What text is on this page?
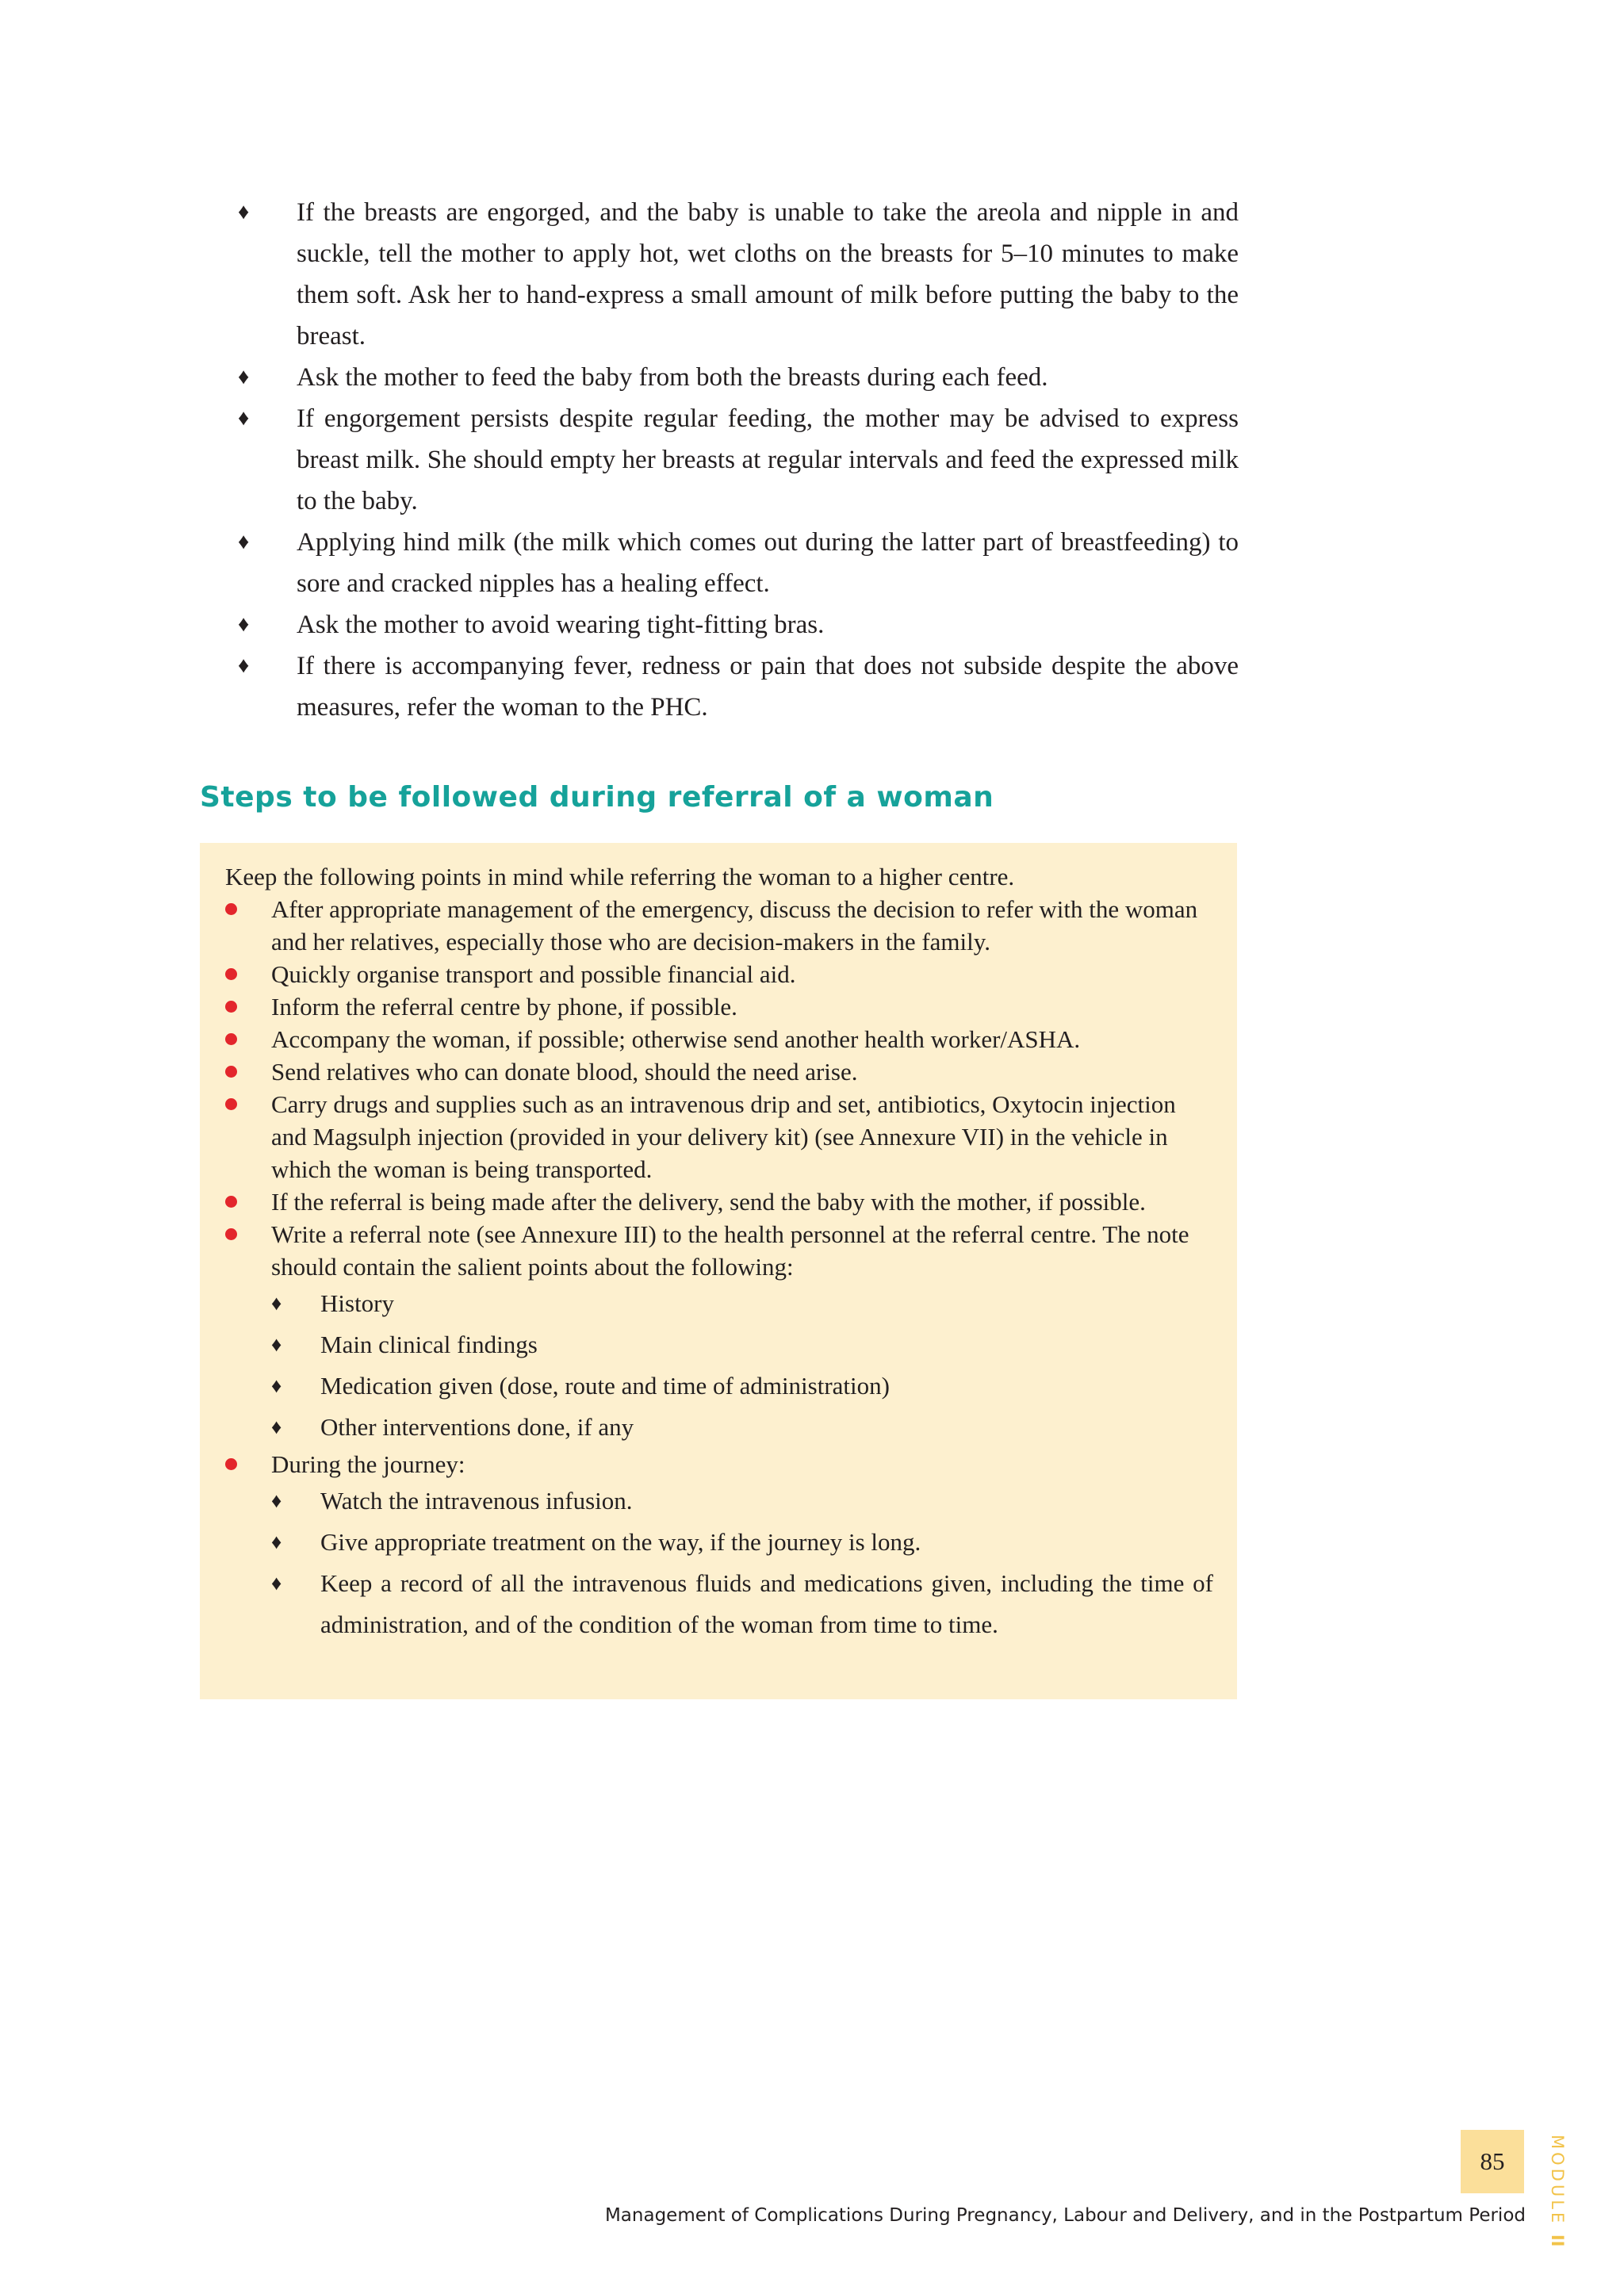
♦ If the breasts are engorged, and the baby is unable to take the areola and nipple in and suckle, tell the mother to apply hot, wet cloths on the breasts for 5–10 minutes to make them soft. Ask her to hand-express a small amount of milk before putting the baby to the breast.
♦ Ask the mother to feed the baby from both the breasts during each feed.
♦ If engorgement persists despite regular feeding, the mother may be advised to express breast milk. She should empty her breasts at regular intervals and feed the expressed milk to the baby.
♦ Applying hind milk (the milk which comes out during the latter part of breastfeeding) to sore and cracked nipples has a healing effect.
♦ Ask the mother to avoid wearing tight-fitting bras.
♦ If there is accompanying fever, redness or pain that does not subside despite the above measures, refer the woman to the PHC.
Steps to be followed during referral of a woman

Keep the following points in mind while referring the woman to a higher centre.

After appropriate management of the emergency, discuss the decision to refer with the woman and her relatives, especially those who are decision-makers in the family.
Quickly organise transport and possible financial aid.
Inform the referral centre by phone, if possible.
Accompany the woman, if possible; otherwise send another health worker/ASHA.
Send relatives who can donate blood, should the need arise.
Carry drugs and supplies such as an intravenous drip and set, antibiotics, Oxytocin injection and Magsulph injection (provided in your delivery kit) (see Annexure VII) in the vehicle in which the woman is being transported.
If the referral is being made after the delivery, send the baby with the mother, if possible.
Write a referral note (see Annexure III) to the health personnel at the referral centre. The note should contain the salient points about the following:
♦ History
♦ Main clinical findings
♦ Medication given (dose, route and time of administration)
♦ Other interventions done, if any
During the journey:
♦ Watch the intravenous infusion.
♦ Give appropriate treatment on the way, if the journey is long.
♦ Keep a record of all the intravenous fluids and medications given, including the time of administration, and of the condition of the woman from time to time.
85	MODULE II
Management of Complications During Pregnancy, Labour and Delivery, and in the Postpartum Period
